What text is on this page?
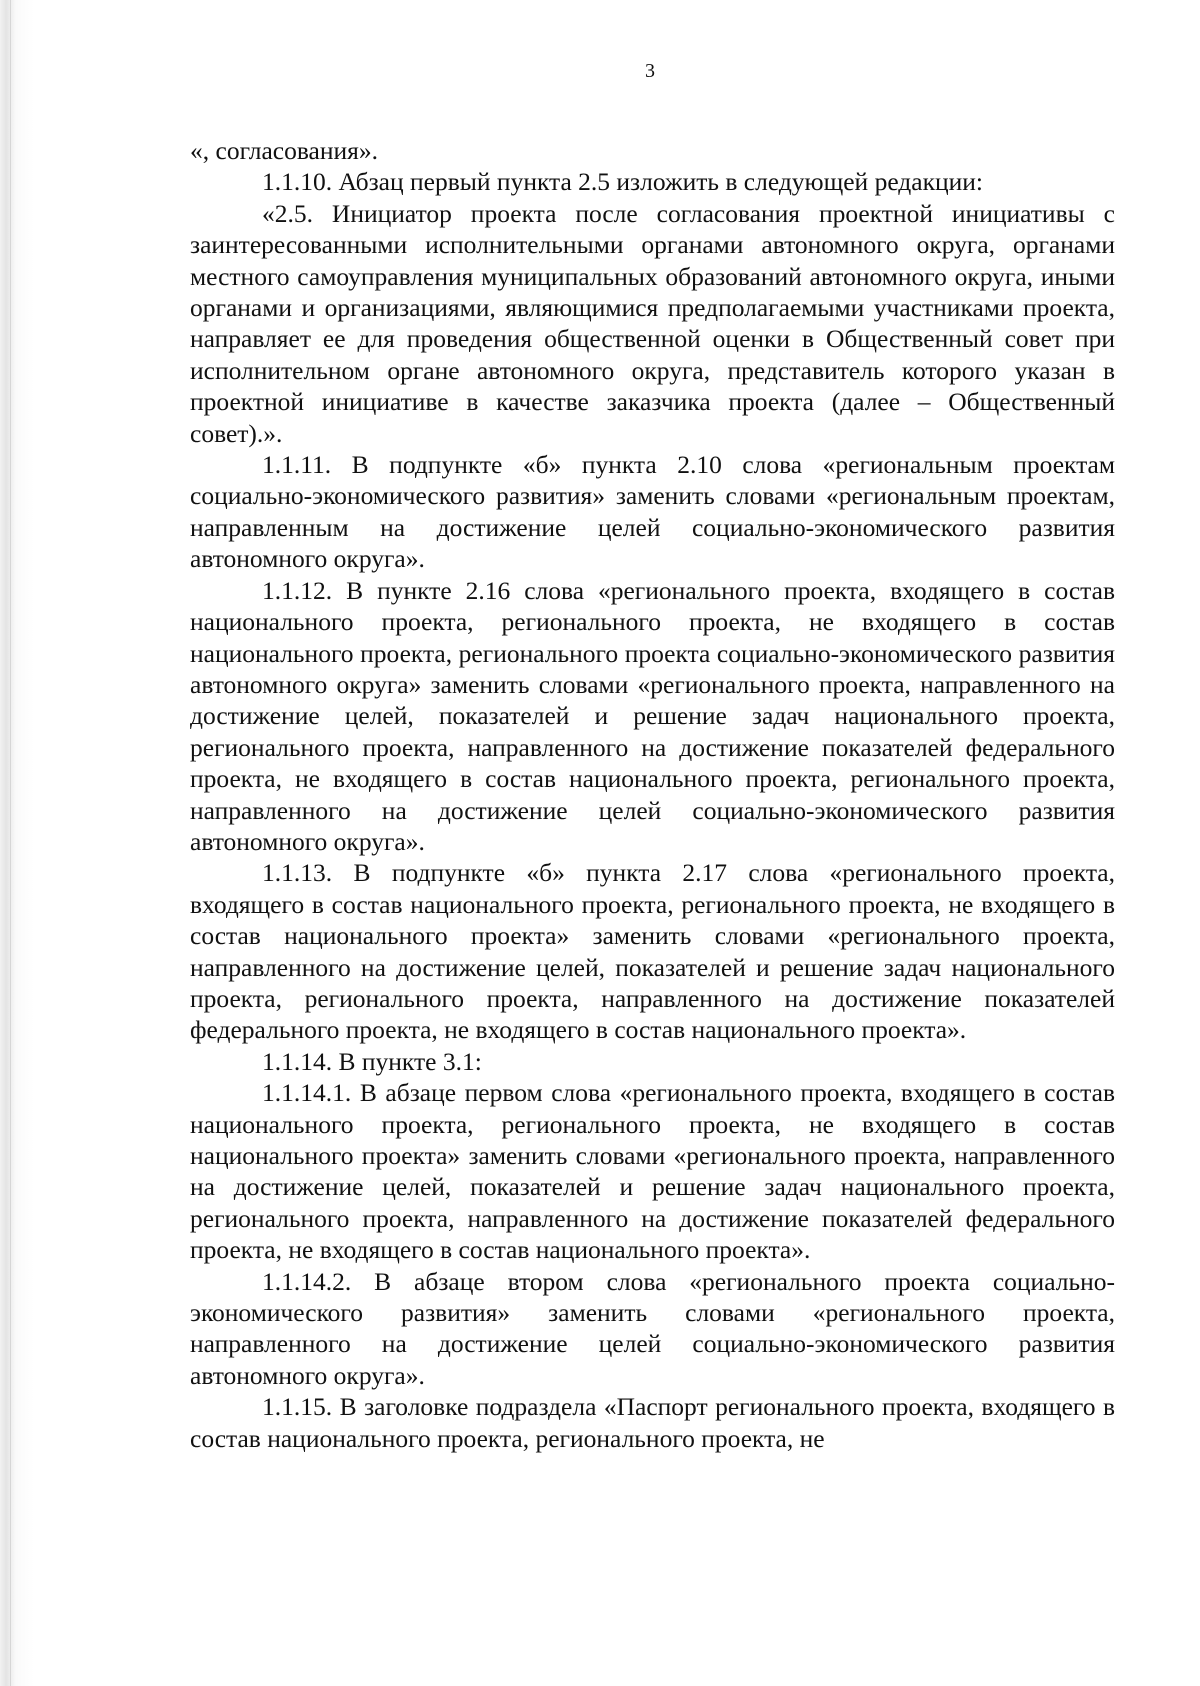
3

«, согласования».

1.1.10. Абзац первый пункта 2.5 изложить в следующей редакции:

«2.5. Инициатор проекта после согласования проектной инициативы с заинтересованными исполнительными органами автономного округа, органами местного самоуправления муниципальных образований автономного округа, иными органами и организациями, являющимися предполагаемыми участниками проекта, направляет ее для проведения общественной оценки в Общественный совет при исполнительном органе автономного округа, представитель которого указан в проектной инициативе в качестве заказчика проекта (далее – Общественный совет).».

1.1.11. В подпункте «б» пункта 2.10 слова «региональным проектам социально-экономического развития» заменить словами «региональным проектам, направленным на достижение целей социально-экономического развития автономного округа».

1.1.12. В пункте 2.16 слова «регионального проекта, входящего в состав национального проекта, регионального проекта, не входящего в состав национального проекта, регионального проекта социально-экономического развития автономного округа» заменить словами «регионального проекта, направленного на достижение целей, показателей и решение задач национального проекта, регионального проекта, направленного на достижение показателей федерального проекта, не входящего в состав национального проекта, регионального проекта, направленного на достижение целей социально-экономического развития автономного округа».

1.1.13. В подпункте «б» пункта 2.17 слова «регионального проекта, входящего в состав национального проекта, регионального проекта, не входящего в состав национального проекта» заменить словами «регионального проекта, направленного на достижение целей, показателей и решение задач национального проекта, регионального проекта, направленного на достижение показателей федерального проекта, не входящего в состав национального проекта».

1.1.14. В пункте 3.1:

1.1.14.1. В абзаце первом слова «регионального проекта, входящего в состав национального проекта, регионального проекта, не входящего в состав национального проекта» заменить словами «регионального проекта, направленного на достижение целей, показателей и решение задач национального проекта, регионального проекта, направленного на достижение показателей федерального проекта, не входящего в состав национального проекта».

1.1.14.2. В абзаце втором слова «регионального проекта социально-экономического развития» заменить словами «регионального проекта, направленного на достижение целей социально-экономического развития автономного округа».

1.1.15. В заголовке подраздела «Паспорт регионального проекта, входящего в состав национального проекта, регионального проекта, не
